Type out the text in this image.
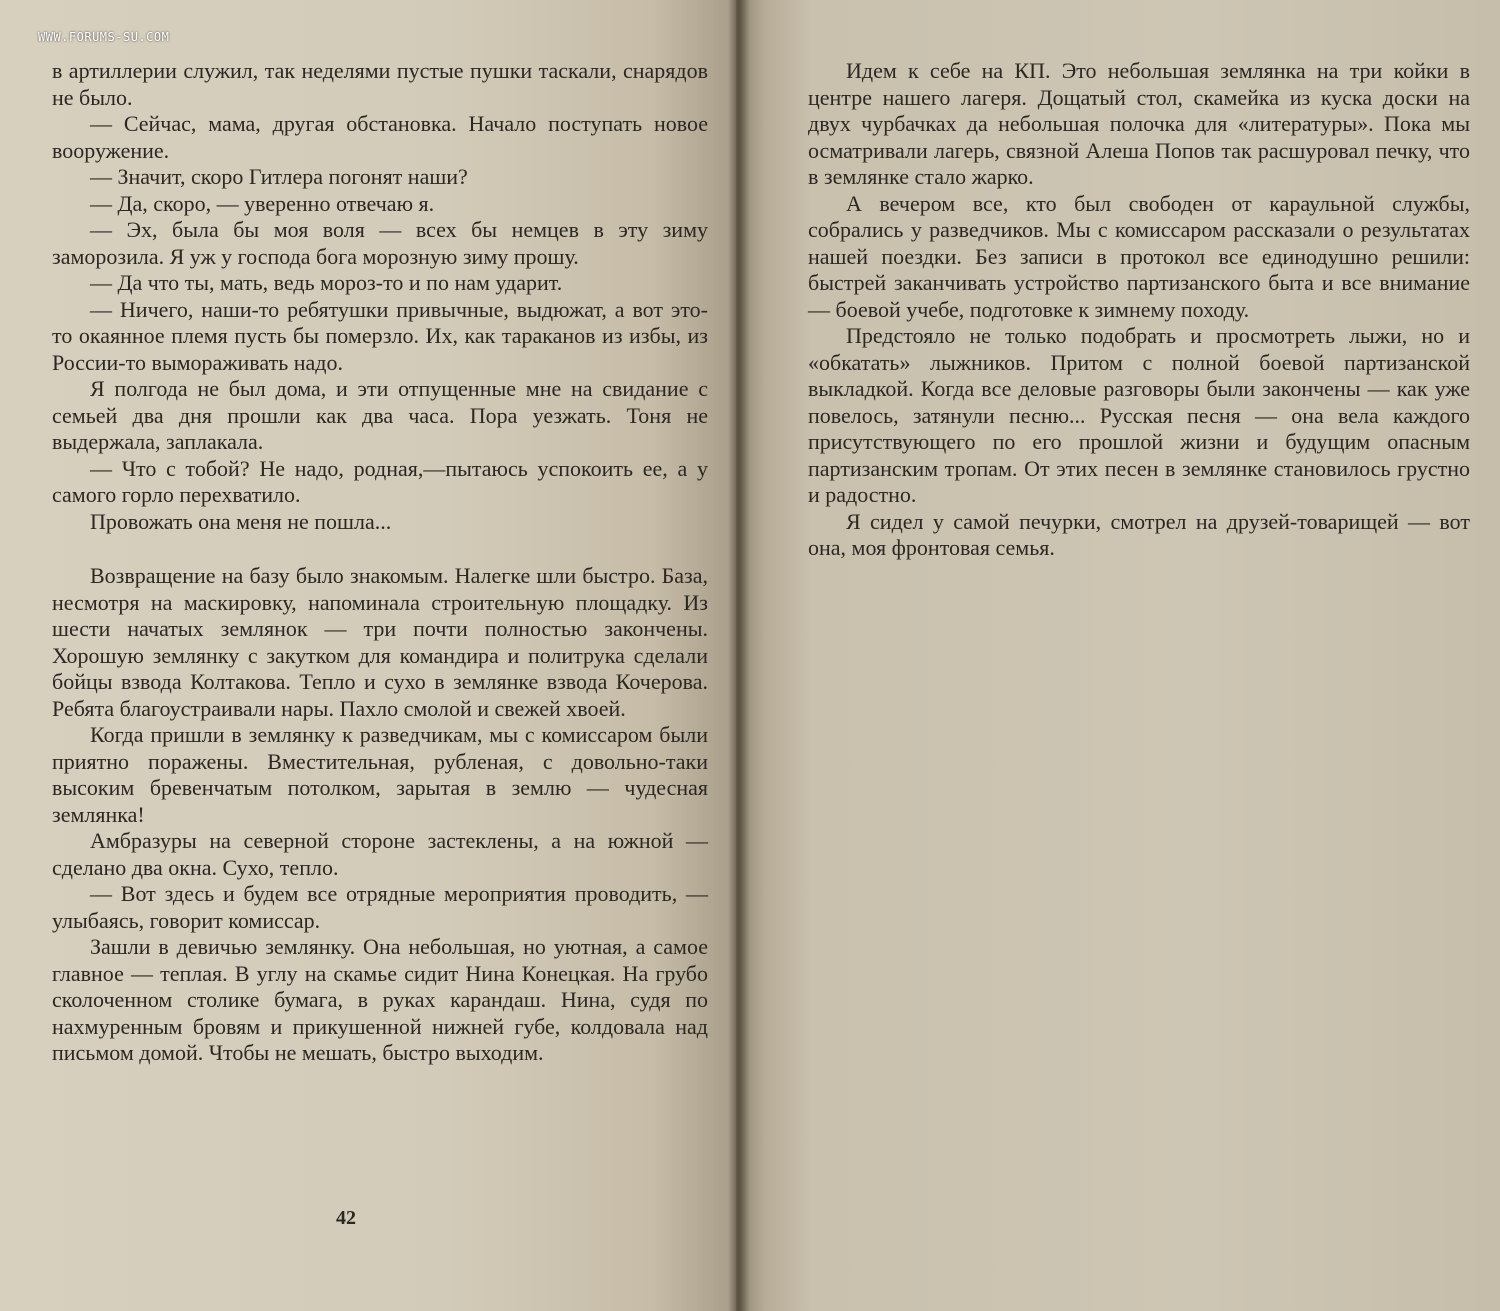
в артиллерии служил, так неделями пустые пушки таскали, снарядов не было.

— Сейчас, мама, другая обстановка. Начало поступать новое вооружение.

— Значит, скоро Гитлера погонят наши?

— Да, скоро, — уверенно отвечаю я.

— Эх, была бы моя воля — всех бы немцев в эту зиму заморозила. Я уж у господа бога морозную зиму прошу.

— Да что ты, мать, ведь мороз-то и по нам ударит.

— Ничего, наши-то ребятушки привычные, выдюжат, а вот это-то окаянное племя пусть бы померзло. Их, как тараканов из избы, из России-то вымораживать надо.

Я полгода не был дома, и эти отпущенные мне на свидание с семьей два дня прошли как два часа. Пора уезжать. Тоня не выдержала, заплакала.

— Что с тобой? Не надо, родная,—пытаюсь успокоить ее, а у самого горло перехватило.

Провожать она меня не пошла...

Возвращение на базу было знакомым. Налегке шли быстро. База, несмотря на маскировку, напоминала строительную площадку. Из шести начатых землянок — три почти полностью закончены. Хорошую землянку с закутком для командира и политрука сделали бойцы взвода Колтакова. Тепло и сухо в землянке взвода Кочерова. Ребята благоустраивали нары. Пахло смолой и свежей хвоей.

Когда пришли в землянку к разведчикам, мы с комиссаром были приятно поражены. Вместительная, рубленая, с довольно-таки высоким бревенчатым потолком, зарытая в землю — чудесная землянка!

Амбразуры на северной стороне застеклены, а на южной — сделано два окна. Сухо, тепло.

— Вот здесь и будем все отрядные мероприятия проводить, — улыбаясь, говорит комиссар.

Зашли в девичью землянку. Она небольшая, но уютная, а самое главное — теплая. В углу на скамье сидит Нина Конецкая. На грубо сколоченном столике бумага, в руках карандаш. Нина, судя по нахмуренным бровям и прикушенной нижней губе, колдовала над письмом домой. Чтобы не мешать, быстро выходим.

42

Идем к себе на КП. Это небольшая землянка на три койки в центре нашего лагеря. Дощатый стол, скамейка из куска доски на двух чурбачках да небольшая полочка для «литературы». Пока мы осматривали лагерь, связной Алеша Попов так расшуровал печку, что в землянке стало жарко.

А вечером все, кто был свободен от караульной службы, собрались у разведчиков. Мы с комиссаром рассказали о результатах нашей поездки. Без записи в протокол все единодушно решили: быстрей заканчивать устройство партизанского быта и все внимание — боевой учебе, подготовке к зимнему походу.

Предстояло не только подобрать и просмотреть лыжи, но и «обкатать» лыжников. Притом с полной боевой партизанской выкладкой. Когда все деловые разговоры были закончены — как уже повелось, затянули песню... Русская песня — она вела каждого присутствующего по его прошлой жизни и будущим опасным партизанским тропам. От этих песен в землянке становилось грустно и радостно.

Я сидел у самой печурки, смотрел на друзей-товарищей — вот она, моя фронтовая семья.

WWW.FORUMS-SU.COM
